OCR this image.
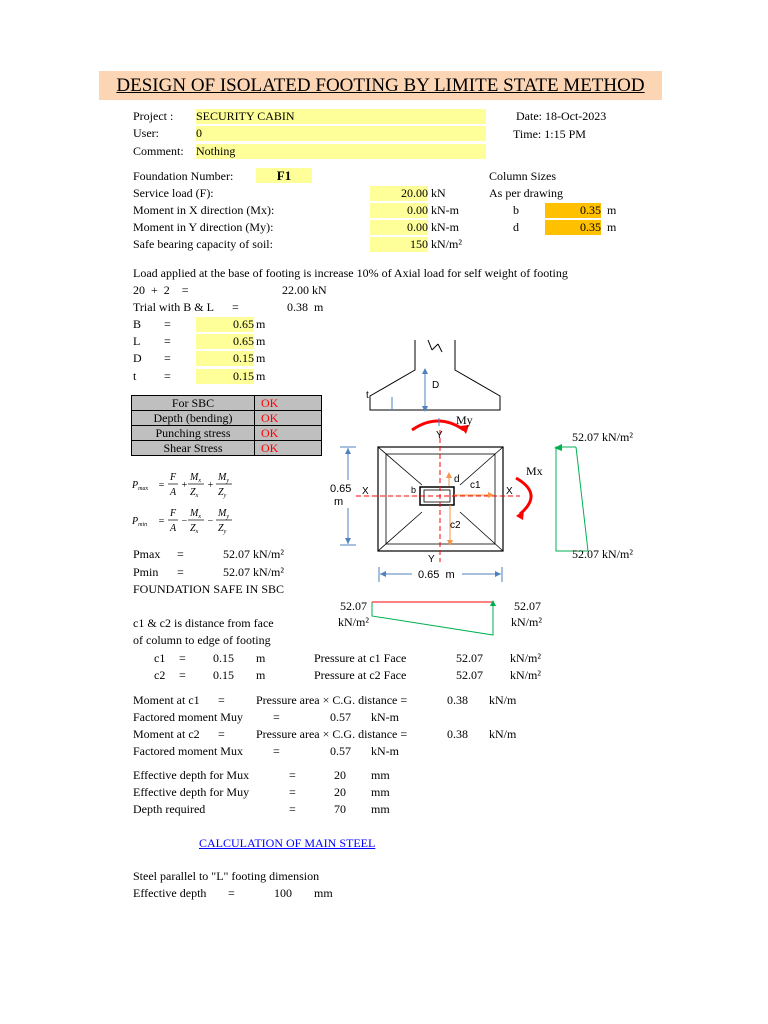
DESIGN OF ISOLATED FOOTING BY LIMITE STATE METHOD
Project : SECURITY CABIN
User:	0
Comment: Nothing
Date: 18-Oct-2023
Time: 1:15 PM
Foundation Number:	F1
Service load (F):	20.00 kN
Moment in X direction (Mx):	0.00 kN-m
Moment in Y direction (My):	0.00 kN-m
Safe bearing capacity of soil:	150 kN/m²
Column Sizes
As per drawing
b	0.35 m
d	0.35 m
Load applied at the base of footing is increase 10% of Axial load for self weight of footing
20  +  2    =	22.00 kN
Trial with B & L =	0.38  m
B =	0.65 m
L =	0.65 m
D =	0.15 m
t =	0.15 m
For SBC	OK
Depth (bending)	OK
Punching stress	OK
Shear Stress	OK
$P_{max}$ =
F
A
+
$M_x$
$Z_x$
+
$M_y$
$Z_y$
$P_{min}$ =
F
A
−
$M_x$
$Z_x$
−
$M_y$
$Z_y$
Pmax =	52.07 kN/m²
Pmin =	52.07 kN/m²
FOUNDATION SAFE IN SBC
D
t
d
b	c1
c2
Y
Y
X	X
My
Mx
0.65
m
0.65  m
52.07 kN/m²
52.07 kN/m²
52.07
kN/m²
52.07
kN/m²
c1 & c2 is distance from face
of column to edge of footing
c1 = 0.15 m	Pressure at c1 Face	52.07 kN/m²
c2 = 0.15 m	Pressure at c2 Face	52.07 kN/m²
Moment at c1 =	Pressure area × C.G. distance =	0.38 kN/m
Factored moment Muy	=	0.57 kN-m
Moment at c2 =	Pressure area × C.G. distance =	0.38 kN/m
Factored moment Mux	=	0.57 kN-m
Effective depth for Mux	=	20 mm
Effective depth for Muy	=	20 mm
Depth required	=	70 mm
CALCULATION OF MAIN STEEL
Steel parallel to "L" footing dimension
Effective depth =	100 mm
